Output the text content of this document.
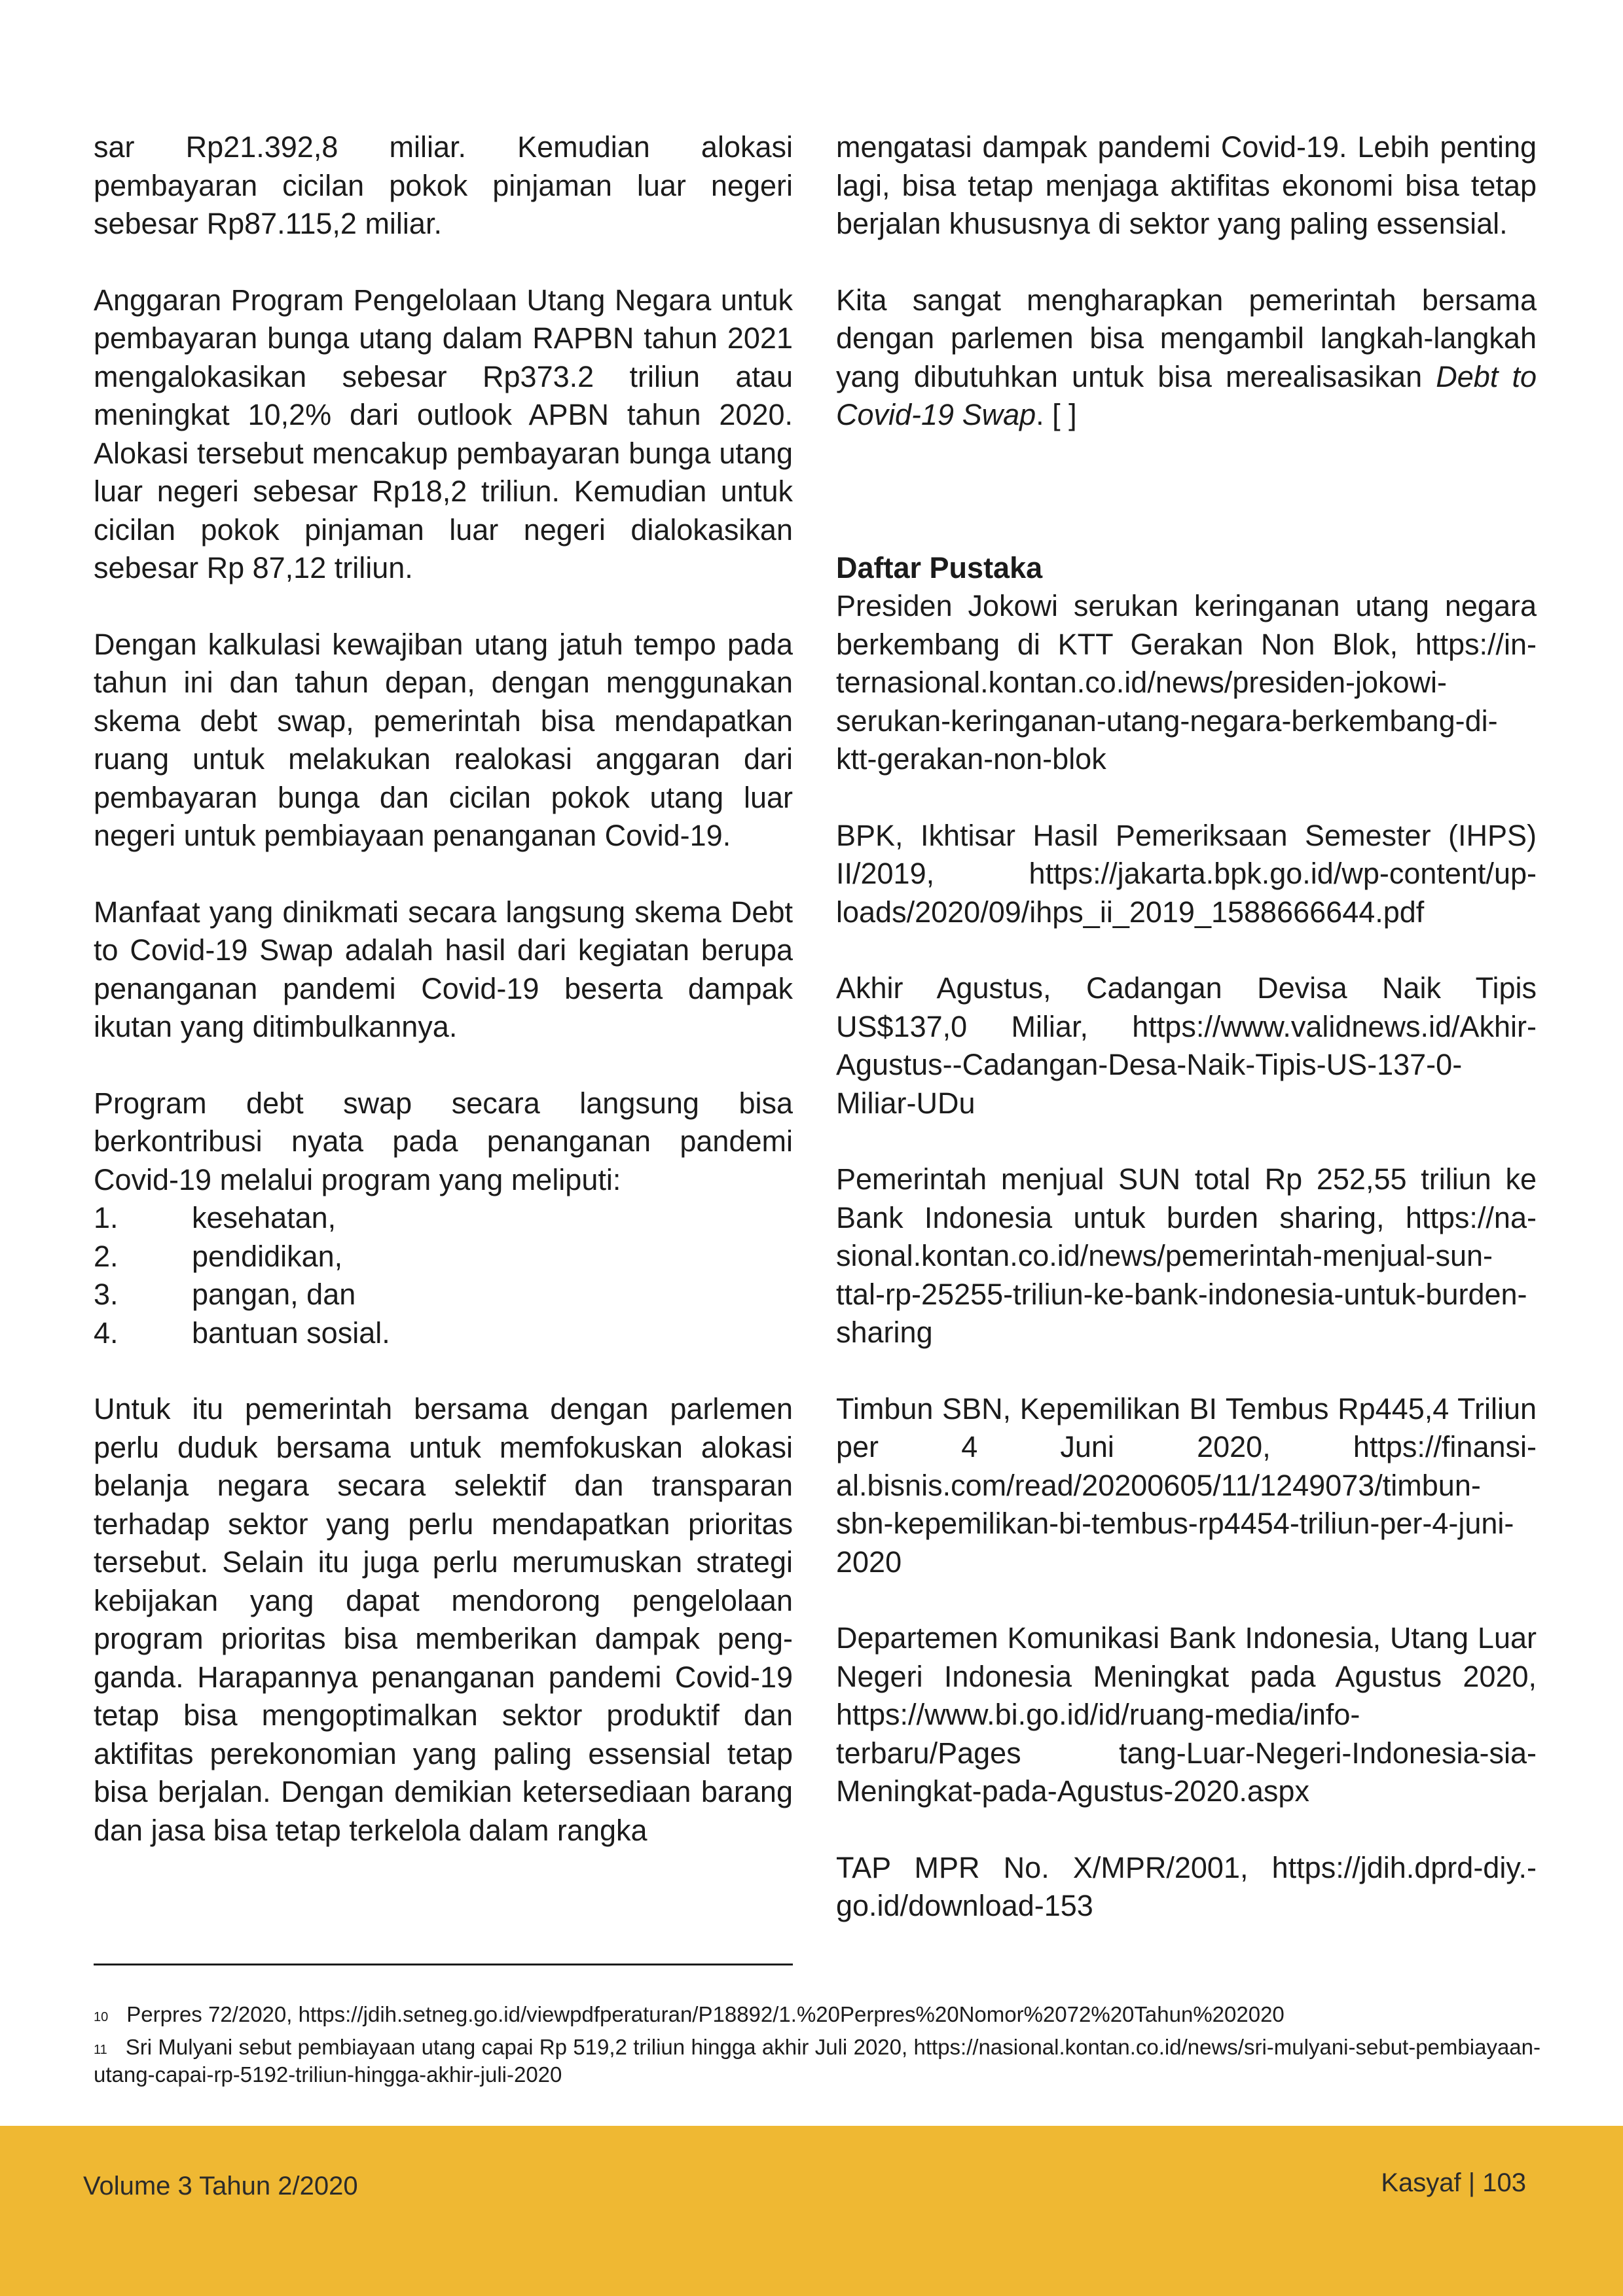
sar Rp21.392,8 miliar. Kemudian alokasi pembayaran cicilan pokok pinjaman luar negeri sebesar Rp87.115,2 miliar.

Anggaran Program Pengelolaan Utang Negara untuk pembayaran bunga utang dalam RAPBN tahun 2021 mengalokasikan sebesar Rp373.2 triliun atau meningkat 10,2% dari outlook APBN tahun 2020. Alokasi tersebut mencakup pembayaran bunga utang luar negeri sebesar Rp18,2 triliun. Kemudian untuk cicilan pokok pinjaman luar negeri dialokasikan sebesar Rp 87,12 triliun.

Dengan kalkulasi kewajiban utang jatuh tempo pada tahun ini dan tahun depan, dengan menggunakan skema debt swap, pemerintah bisa mendapatkan ruang untuk melakukan realokasi anggaran dari pembayaran bunga dan cicilan pokok utang luar negeri untuk pembiayaan penanganan Covid-19.

Manfaat yang dinikmati secara langsung skema Debt to Covid-19 Swap adalah hasil dari kegiatan berupa penanganan pandemi Covid-19 beserta dampak ikutan yang ditimbulkannya.

Program debt swap secara langsung bisa berkontribusi nyata pada penanganan pandemi Covid-19 melalui program yang meliputi:

1.	kesehatan,
2.	pendidikan,
3.	pangan, dan
4.	bantuan sosial.

Untuk itu pemerintah bersama dengan parlemen perlu duduk bersama untuk memfokuskan alokasi belanja negara secara selektif dan transparan terhadap sektor yang perlu mendapatkan prioritas tersebut. Selain itu juga perlu merumuskan strategi kebijakan yang dapat mendorong pengelolaan program prioritas bisa memberikan dampak pengganda. Harapannya penanganan pandemi Covid-19 tetap bisa mengoptimalkan sektor produktif dan aktifitas perekonomian yang paling essensial tetap bisa berjalan. Dengan demikian ketersediaan barang dan jasa bisa tetap terkelola dalam rangka

mengatasi dampak pandemi Covid-19. Lebih penting lagi, bisa tetap menjaga aktifitas ekonomi bisa tetap berjalan khususnya di sektor yang paling essensial.

Kita sangat mengharapkan pemerintah bersama dengan parlemen bisa mengambil langkah-langkah yang dibutuhkan untuk bisa merealisasikan Debt to Covid-19 Swap. [ ]

Daftar Pustaka

Presiden Jokowi serukan keringanan utang negara berkembang di KTT Gerakan Non Blok, https://internasional.kontan.co.id/news/presiden-jokowi-serukan-keringanan-utang-negara-berkembang-di-ktt-gerakan-non-blok

BPK, Ikhtisar Hasil Pemeriksaan Semester (IHPS) II/2019, https://jakarta.bpk.go.id/wp-content/uploads/2020/09/ihps_ii_2019_1588666644.pdf

Akhir Agustus, Cadangan Devisa Naik Tipis US$137,0 Miliar, https://www.validnews.id/Akhir-Agustus--Cadangan-Desa-Naik-Tipis-US-137-0-Miliar-UDu

Pemerintah menjual SUN total Rp 252,55 triliun ke Bank Indonesia untuk burden sharing, https://nasional.kontan.co.id/news/pemerintah-menjual-sun-ttal-rp-25255-triliun-ke-bank-indonesia-untuk-burden-sharing

Timbun SBN, Kepemilikan BI Tembus Rp445,4 Triliun per 4 Juni 2020, https://finansial.bisnis.com/read/20200605/11/1249073/timbun-sbn-kepemilikan-bi-tembus-rp4454-triliun-per-4-juni-2020

Departemen Komunikasi Bank Indonesia, Utang Luar Negeri Indonesia Meningkat pada Agustus 2020, https://www.bi.go.id/id/ruang-media/info-terbaru/Pages tang-Luar-Negeri-Indonesia-sia-Meningkat-pada-Agustus-2020.aspx

TAP MPR No. X/MPR/2001, https://jdih.dprd-diy.go.id/download-153

$^{10}$ Perpres 72/2020, https://jdih.setneg.go.id/viewpdfperaturan/P18892/1.%20Perpres%20Nomor%2072%20Tahun%202020

$^{11}$ Sri Mulyani sebut pembiayaan utang capai Rp 519,2 triliun hingga akhir Juli 2020, https://nasional.kontan.co.id/news/sri-mulyani-sebut-pembiayaan-utang-capai-rp-5192-triliun-hingga-akhir-juli-2020

Volume 3 Tahun 2/2020	Kasyaf | 103
